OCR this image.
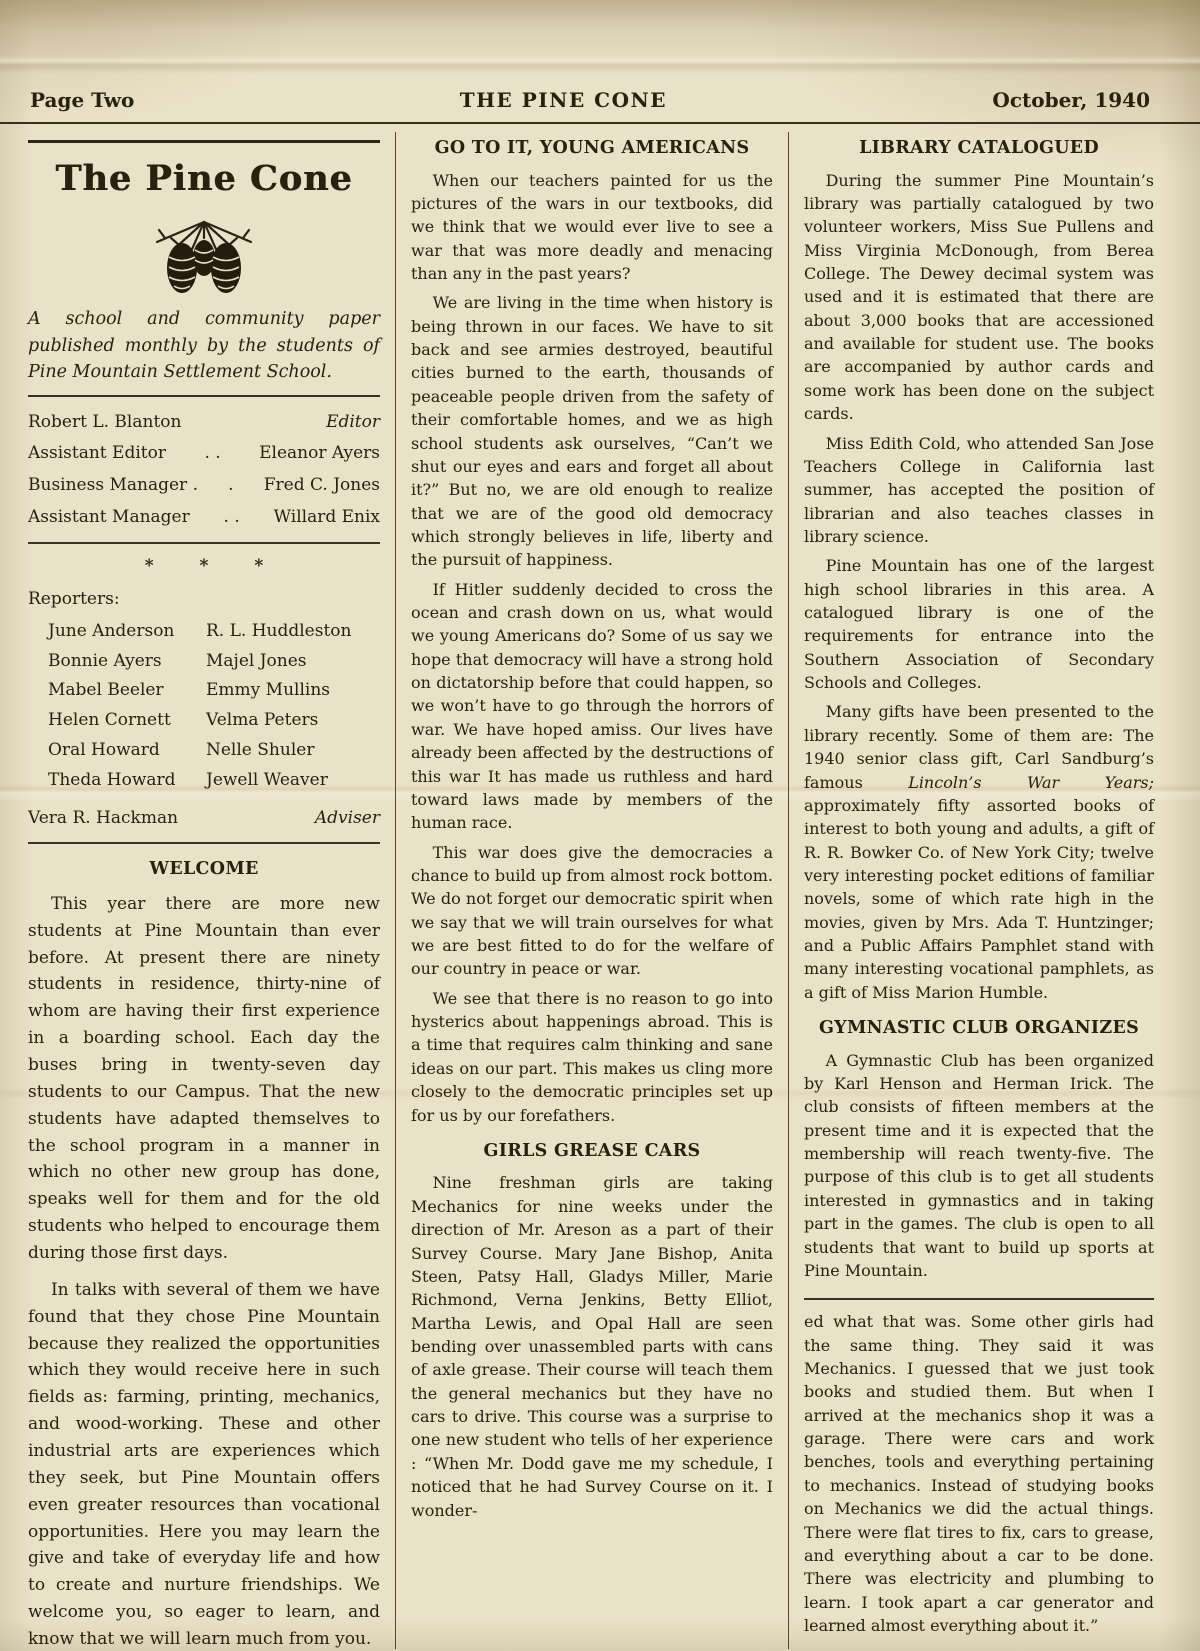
Page Two	THE PINE CONE	October, 1940
The Pine Cone

A school and community paper published monthly by the students of Pine Mountain Settlement School.

Robert L. Blanton	Editor
Assistant Editor	. .	Eleanor Ayers
Business Manager .	.	Fred C. Jones
Assistant Manager	. .	Willard Enix
* * *
Reporters:
June Anderson	R. L. Huddleston
Bonnie Ayers	Majel Jones
Mabel Beeler	Emmy Mullins
Helen Cornett	Velma Peters
Oral Howard	Nelle Shuler
Theda Howard	Jewell Weaver
Vera R. Hackman	Adviser
WELCOME

This year there are more new students at Pine Mountain than ever before. At present there are ninety students in residence, thirty-nine of whom are having their first experience in a boarding school. Each day the buses bring in twenty-seven day students to our Campus. That the new students have adapted themselves to the school program in a manner in which no other new group has done, speaks well for them and for the old students who helped to encourage them during those first days.

In talks with several of them we have found that they chose Pine Mountain because they realized the opportunities which they would receive here in such fields as: farming, printing, mechanics, and wood-working. These and other industrial arts are experiences which they seek, but Pine Mountain offers even greater resources than vocational opportunities. Here you may learn the give and take of everyday life and how to create and nurture friendships. We welcome you, so eager to learn, and know that we will learn much from you.

GO TO IT, YOUNG AMERICANS

When our teachers painted for us the pictures of the wars in our textbooks, did we think that we would ever live to see a war that was more deadly and menacing than any in the past years?

We are living in the time when history is being thrown in our faces. We have to sit back and see armies destroyed, beautiful cities burned to the earth, thousands of peaceable people driven from the safety of their comfortable homes, and we as high school students ask ourselves, “Can’t we shut our eyes and ears and forget all about it?” But no, we are old enough to realize that we are of the good old democracy which strongly believes in life, liberty and the pursuit of happiness.

If Hitler suddenly decided to cross the ocean and crash down on us, what would we young Americans do? Some of us say we hope that democracy will have a strong hold on dictatorship before that could happen, so we won’t have to go through the horrors of war. We have hoped amiss. Our lives have already been affected by the destructions of this war It has made us ruthless and hard toward laws made by members of the human race.

This war does give the democracies a chance to build up from almost rock bottom. We do not forget our democratic spirit when we say that we will train ourselves for what we are best fitted to do for the welfare of our country in peace or war.

We see that there is no reason to go into hysterics about happenings abroad. This is a time that requires calm thinking and sane ideas on our part. This makes us cling more closely to the democratic principles set up for us by our forefathers.

GIRLS GREASE CARS

Nine freshman girls are taking Mechanics for nine weeks under the direction of Mr. Areson as a part of their Survey Course. Mary Jane Bishop, Anita Steen, Patsy Hall, Gladys Miller, Marie Richmond, Verna Jenkins, Betty Elliot, Martha Lewis, and Opal Hall are seen bending over unassembled parts with cans of axle grease. Their course will teach them the general mechanics but they have no cars to drive. This course was a surprise to one new student who tells of her experience : “When Mr. Dodd gave me my schedule, I noticed that he had Survey Course on it. I wonder-

LIBRARY CATALOGUED

During the summer Pine Mountain’s library was partially catalogued by two volunteer workers, Miss Sue Pullens and Miss Virginia McDonough, from Berea College. The Dewey decimal system was used and it is estimated that there are about 3,000 books that are accessioned and available for student use. The books are accompanied by author cards and some work has been done on the subject cards.

Miss Edith Cold, who attended San Jose Teachers College in California last summer, has accepted the position of librarian and also teaches classes in library science.

Pine Mountain has one of the largest high school libraries in this area. A catalogued library is one of the requirements for entrance into the Southern Association of Secondary Schools and Colleges.

Many gifts have been presented to the library recently. Some of them are: The 1940 senior class gift, Carl Sandburg’s famous Lincoln’s War Years; approximately fifty assorted books of interest to both young and adults, a gift of R. R. Bowker Co. of New York City; twelve very interesting pocket editions of familiar novels, some of which rate high in the movies, given by Mrs. Ada T. Huntzinger; and a Public Affairs Pamphlet stand with many interesting vocational pamphlets, as a gift of Miss Marion Humble.

GYMNASTIC CLUB ORGANIZES

A Gymnastic Club has been organized by Karl Henson and Herman Irick. The club consists of fifteen members at the present time and it is expected that the membership will reach twenty-five. The purpose of this club is to get all students interested in gymnastics and in taking part in the games. The club is open to all students that want to build up sports at Pine Mountain.

ed what that was. Some other girls had the same thing. They said it was Mechanics. I guessed that we just took books and studied them. But when I arrived at the mechanics shop it was a garage. There were cars and work benches, tools and everything pertaining to mechanics. Instead of studying books on Mechanics we did the actual things. There were flat tires to fix, cars to grease, and everything about a car to be done. There was electricity and plumbing to learn. I took apart a car generator and learned almost everything about it.”
